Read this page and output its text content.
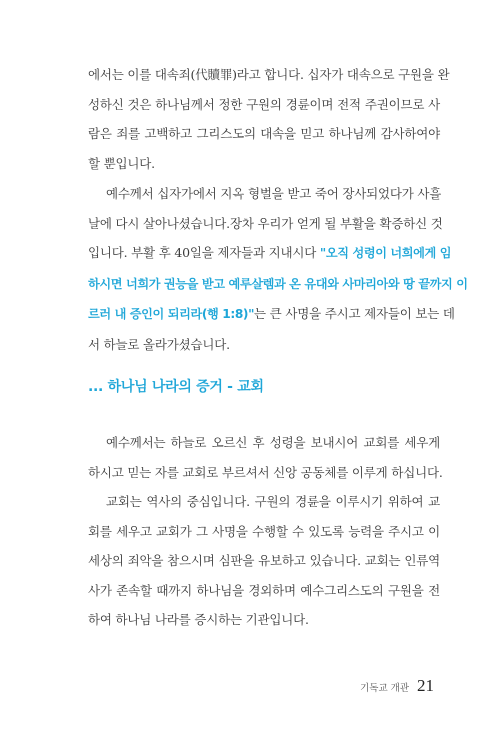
에서는 이를 대속죄(代贖罪)라고 합니다. 십자가 대속으로 구원을 완
성하신 것은 하나님께서 정한 구원의 경륜이며 전적 주권이므로 사
람은 죄를 고백하고 그리스도의 대속을 믿고 하나님께 감사하여야
할 뿐입니다.

예수께서 십자가에서 지옥 형벌을 받고 죽어 장사되었다가 사흘
날에 다시 살아나셨습니다.장차 우리가 얻게 될 부활을 확증하신 것
입니다. 부활 후 40일을 제자들과 지내시다 "오직 성령이 너희에게 임
하시면 너희가 권능을 받고 예루살렘과 온 유대와 사마리아와 땅 끝까지 이
르러 내 증인이 되리라(행 1:8)"는 큰 사명을 주시고 제자들이 보는 데
서 하늘로 올라가셨습니다.

... 하나님 나라의 증거 - 교회

예수께서는 하늘로 오르신 후 성령을 보내시어 교회를 세우게
하시고 믿는 자를 교회로 부르셔서 신앙 공동체를 이루게 하십니다.

교회는 역사의 중심입니다. 구원의 경륜을 이루시기 위하여 교
회를 세우고 교회가 그 사명을 수행할 수 있도록 능력을 주시고 이
세상의 죄악을 참으시며 심판을 유보하고 있습니다. 교회는 인류역
사가 존속할 때까지 하나님을 경외하며 예수그리스도의 구원을 전
하여 하나님 나라를 증시하는 기관입니다.

기독교 개관 21
